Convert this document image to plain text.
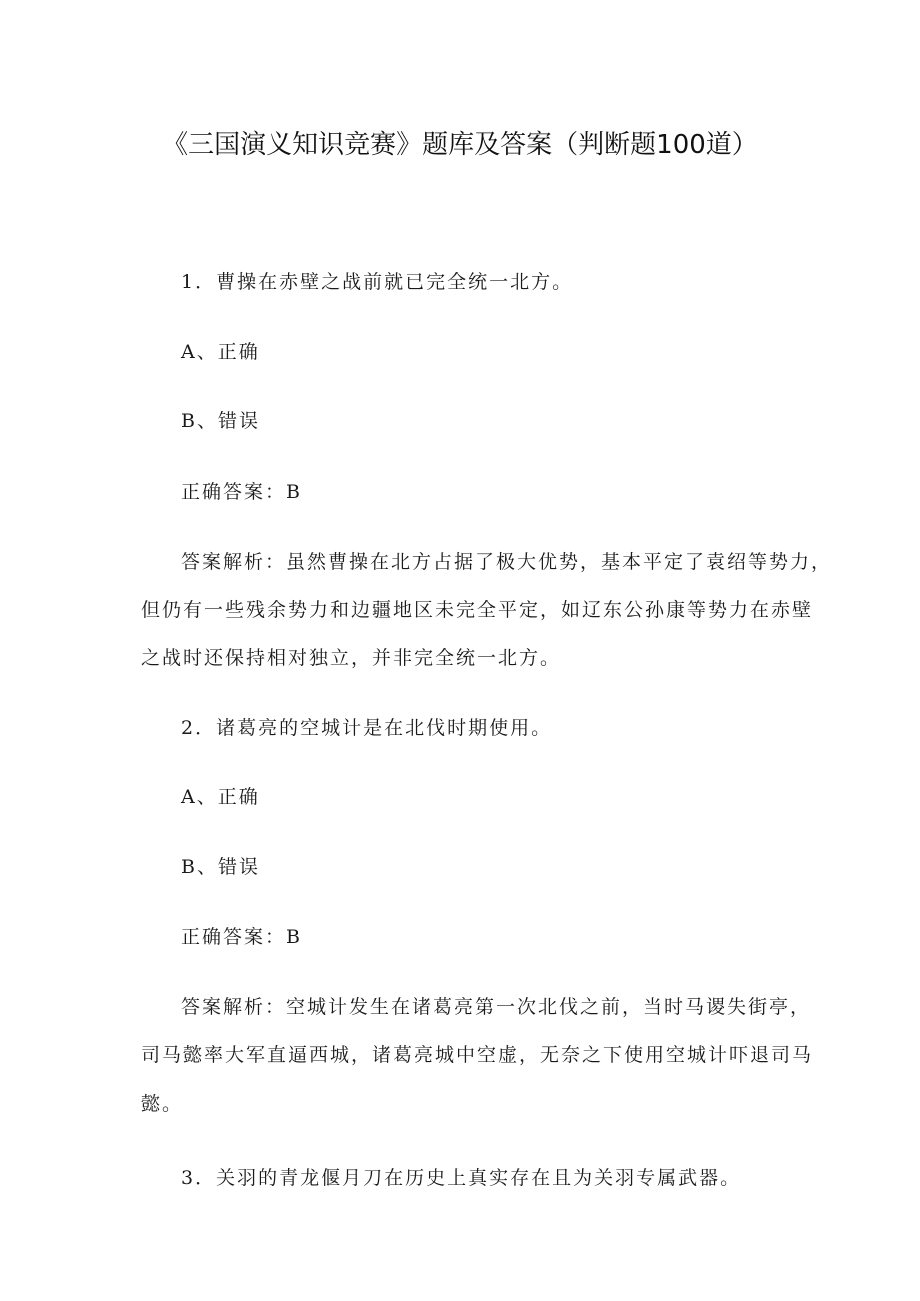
《三国演义知识竞赛》题库及答案（判断题100道）
1．曹操在赤壁之战前就已完全统一北方。
A、正确
B、错误
正确答案：B
答案解析：虽然曹操在北方占据了极大优势，基本平定了袁绍等势力，
但仍有一些残余势力和边疆地区未完全平定，如辽东公孙康等势力在赤壁
之战时还保持相对独立，并非完全统一北方。
2．诸葛亮的空城计是在北伐时期使用。
A、正确
B、错误
正确答案：B
答案解析：空城计发生在诸葛亮第一次北伐之前，当时马谡失街亭，
司马懿率大军直逼西城，诸葛亮城中空虚，无奈之下使用空城计吓退司马
懿。
3．关羽的青龙偃月刀在历史上真实存在且为关羽专属武器。
